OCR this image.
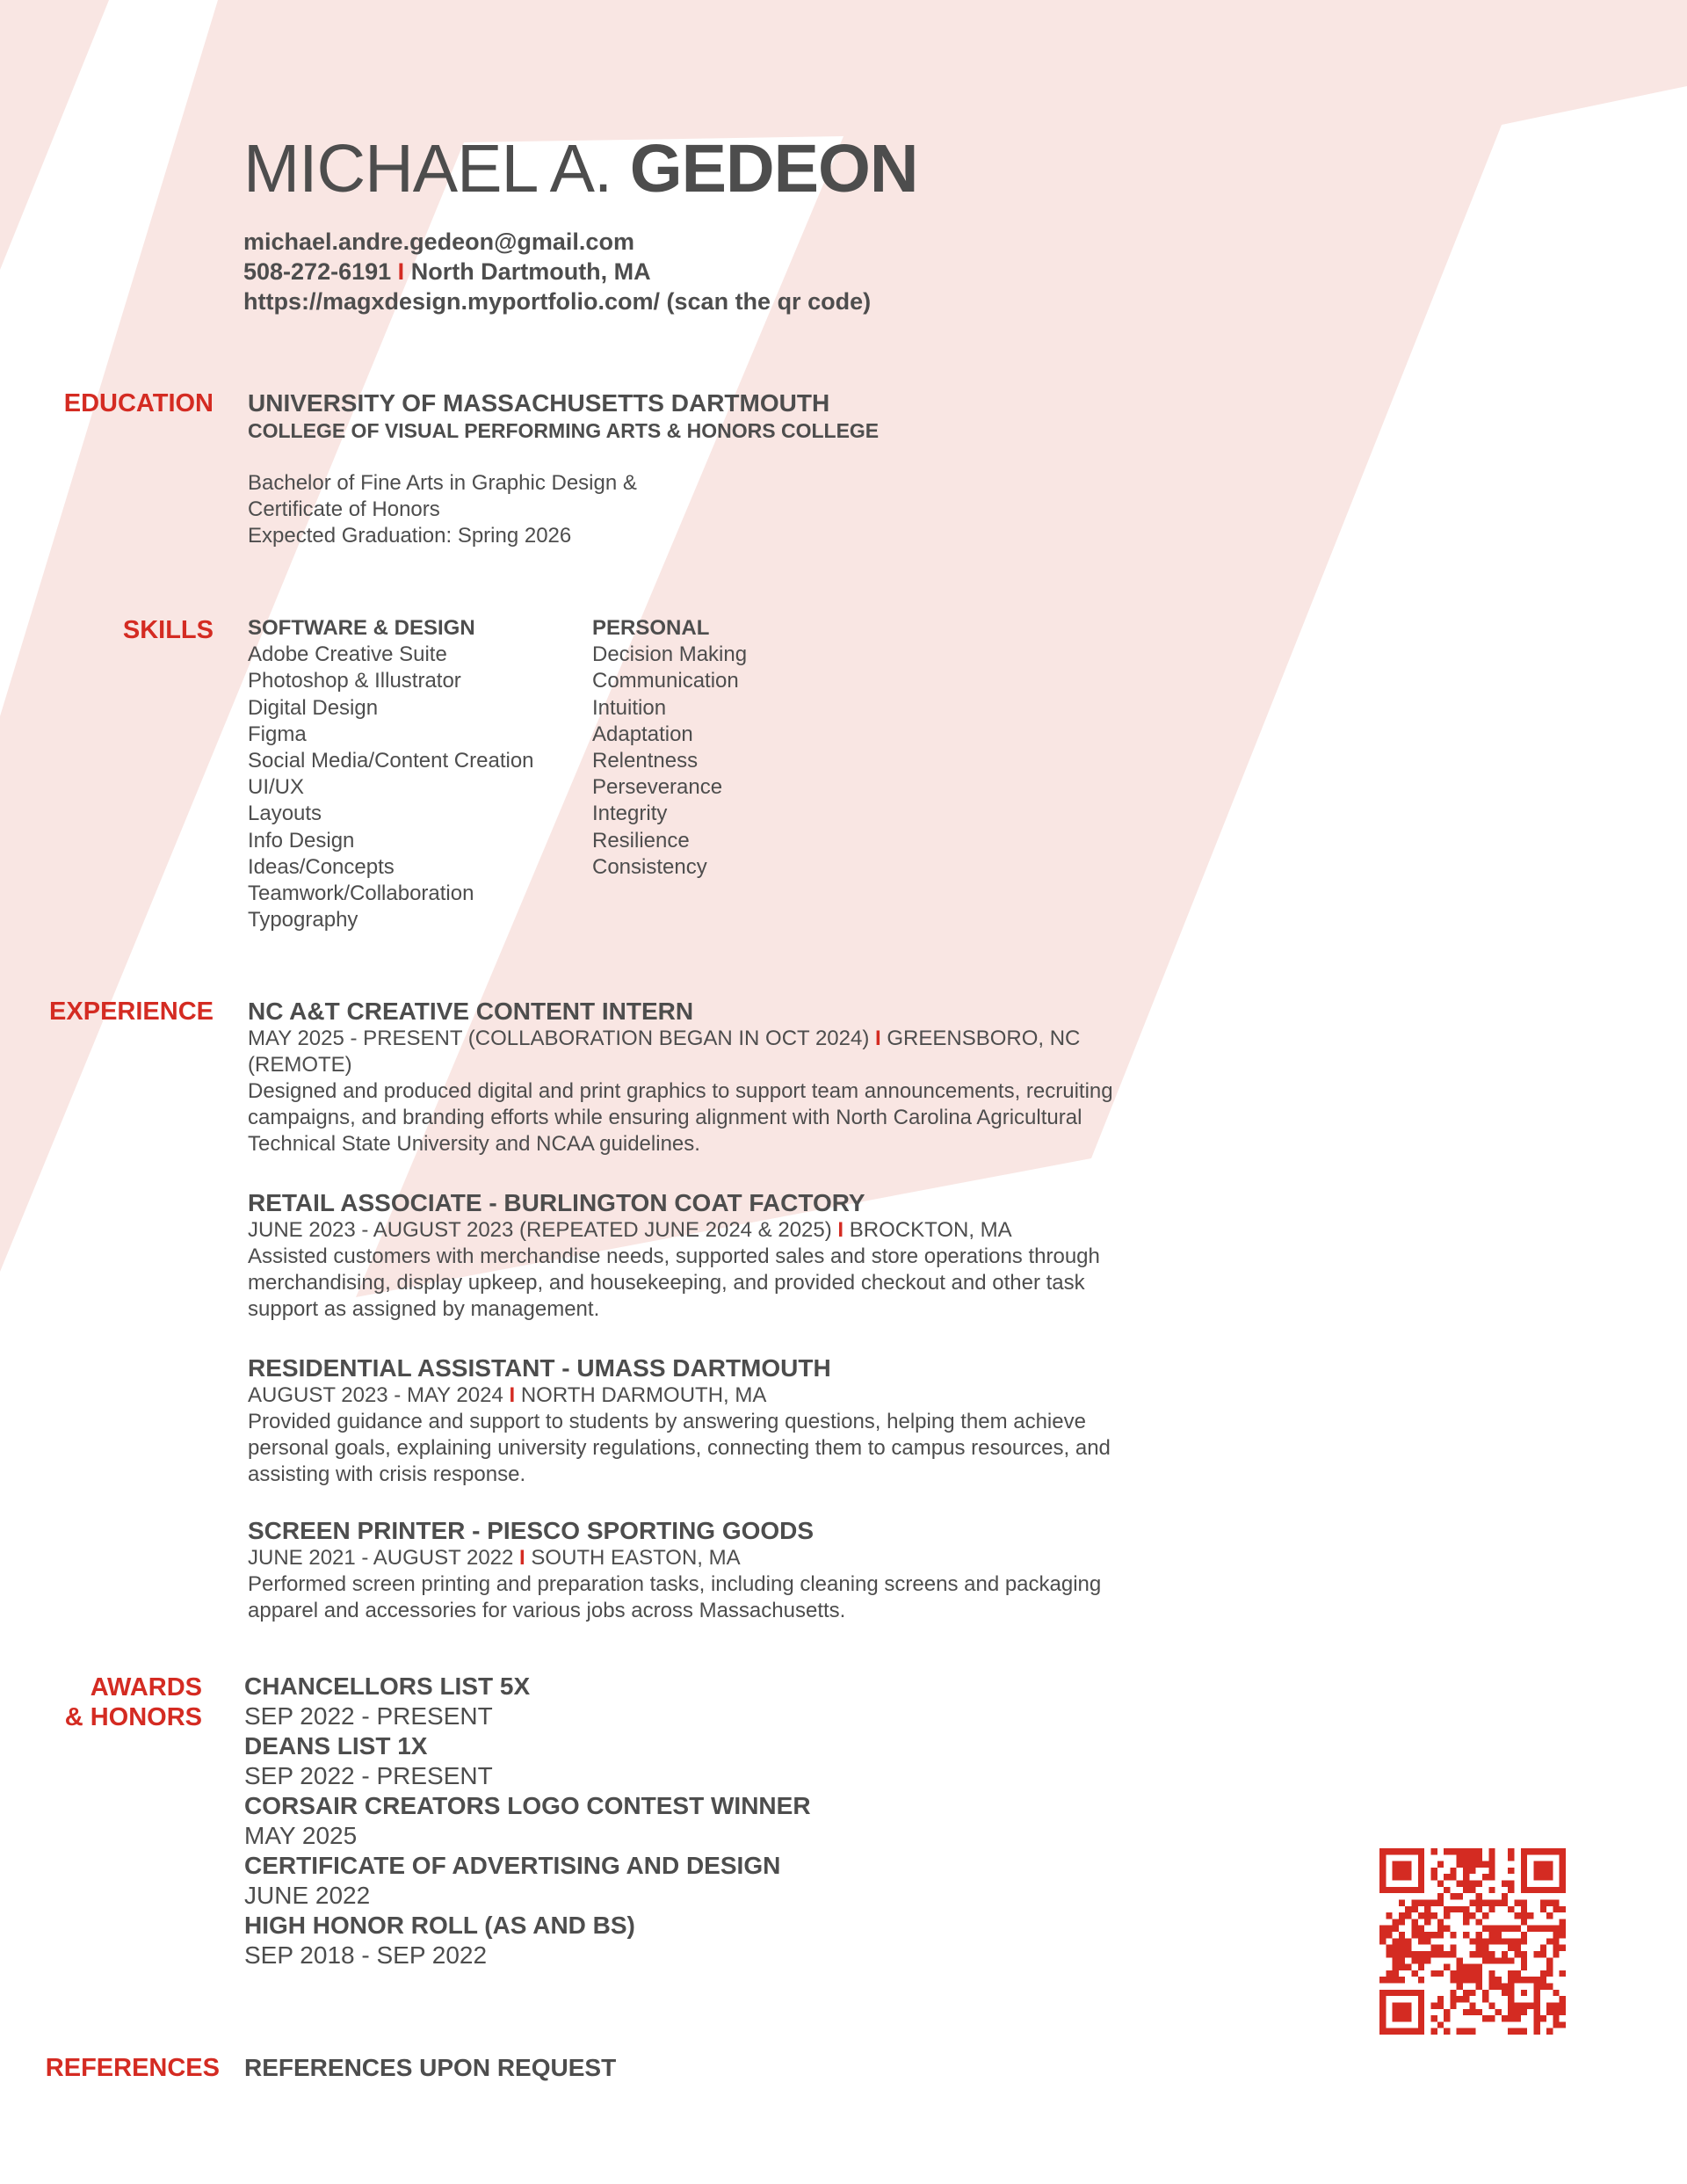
MICHAEL A. GEDEON
michael.andre.gedeon@gmail.com
508-272-6191 I North Dartmouth, MA
https://magxdesign.myportfolio.com/ (scan the qr code)
EDUCATION UNIVERSITY OF MASSACHUSETTS DARTMOUTH
COLLEGE OF VISUAL PERFORMING ARTS & HONORS COLLEGE
Bachelor of Fine Arts in Graphic Design &
Certificate of Honors
Expected Graduation: Spring 2026
SKILLS SOFTWARE & DESIGN
Adobe Creative Suite
Photoshop & Illustrator
Digital Design
Figma
Social Media/Content Creation
UI/UX
Layouts
Info Design
Ideas/Concepts
Teamwork/Collaboration
Typography
PERSONAL
Decision Making
Communication
Intuition
Adaptation
Relentness
Perseverance
Integrity
Resilience
Consistency
EXPERIENCE NC A&T CREATIVE CONTENT INTERN
MAY 2025 - PRESENT (COLLABORATION BEGAN IN OCT 2024) I GREENSBORO, NC (REMOTE)
Designed and produced digital and print graphics to support team announcements, recruiting campaigns, and branding efforts while ensuring alignment with North Carolina Agricultural Technical State University and NCAA guidelines.
RETAIL ASSOCIATE - BURLINGTON COAT FACTORY
JUNE 2023 - AUGUST 2023 (REPEATED JUNE 2024 & 2025) I BROCKTON, MA
Assisted customers with merchandise needs, supported sales and store operations through merchandising, display upkeep, and housekeeping, and provided checkout and other task support as assigned by management.
RESIDENTIAL ASSISTANT - UMASS DARTMOUTH
AUGUST 2023 - MAY 2024 I NORTH DARMOUTH, MA
Provided guidance and support to students by answering questions, helping them achieve personal goals, explaining university regulations, connecting them to campus resources, and assisting with crisis response.
SCREEN PRINTER - PIESCO SPORTING GOODS
JUNE 2021 - AUGUST 2022 I SOUTH EASTON, MA
Performed screen printing and preparation tasks, including cleaning screens and packaging apparel and accessories for various jobs across Massachusetts.
AWARDS
& HONORS
CHANCELLORS LIST 5X
SEP 2022 - PRESENT
DEANS LIST 1X
SEP 2022 - PRESENT
CORSAIR CREATORS LOGO CONTEST WINNER
MAY 2025
CERTIFICATE OF ADVERTISING AND DESIGN
JUNE 2022
HIGH HONOR ROLL (AS AND BS)
SEP 2018 - SEP 2022
REFERENCES REFERENCES UPON REQUEST
